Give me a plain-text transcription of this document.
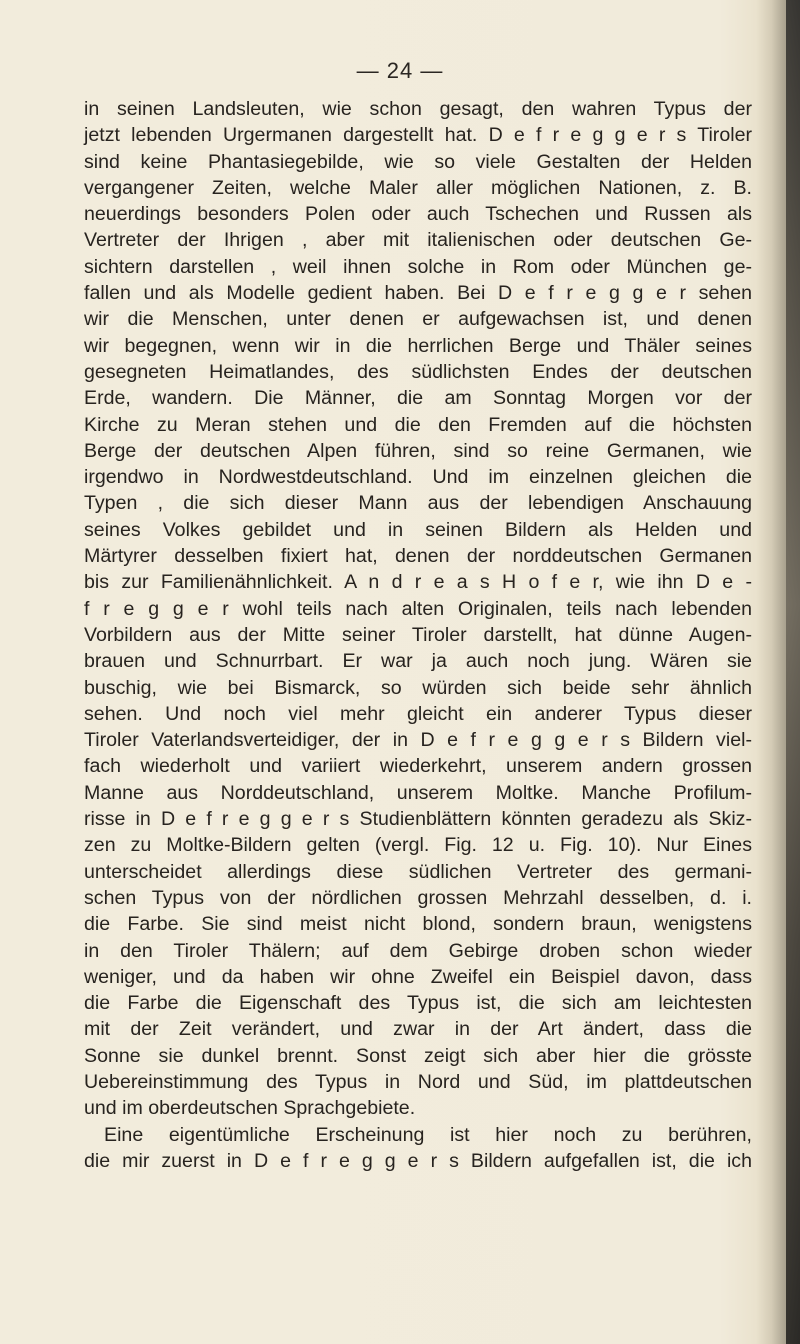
— 24 —
in seinen Landsleuten, wie schon gesagt, den wahren Typus der
jetzt lebenden Urgermanen dargestellt hat. D e f r e g g e r s Tiroler
sind keine Phantasiegebilde, wie so viele Gestalten der Helden
vergangener Zeiten, welche Maler aller möglichen Nationen, z. B.
neuerdings besonders Polen oder auch Tschechen und Russen als
Vertreter der Ihrigen , aber mit italienischen oder deutschen Ge-
sichtern darstellen , weil ihnen solche in Rom oder München ge-
fallen und als Modelle gedient haben. Bei D e f r e g g e r sehen
wir die Menschen, unter denen er aufgewachsen ist, und denen
wir begegnen, wenn wir in die herrlichen Berge und Thäler seines
gesegneten Heimatlandes, des südlichsten Endes der deutschen
Erde, wandern. Die Männer, die am Sonntag Morgen vor der
Kirche zu Meran stehen und die den Fremden auf die höchsten
Berge der deutschen Alpen führen, sind so reine Germanen, wie
irgendwo in Nordwestdeutschland. Und im einzelnen gleichen die
Typen , die sich dieser Mann aus der lebendigen Anschauung
seines Volkes gebildet und in seinen Bildern als Helden und
Märtyrer desselben fixiert hat, denen der norddeutschen Germanen
bis zur Familienähnlichkeit. A n d r e a s H o f e r, wie ihn D e -
f r e g g e r wohl teils nach alten Originalen, teils nach lebenden
Vorbildern aus der Mitte seiner Tiroler darstellt, hat dünne Augen-
brauen und Schnurrbart. Er war ja auch noch jung. Wären sie
buschig, wie bei Bismarck, so würden sich beide sehr ähnlich
sehen. Und noch viel mehr gleicht ein anderer Typus dieser
Tiroler Vaterlandsverteidiger, der in D e f r e g g e r s Bildern viel-
fach wiederholt und variiert wiederkehrt, unserem andern grossen
Manne aus Norddeutschland, unserem Moltke. Manche Profilum-
risse in D e f r e g g e r s Studienblättern könnten geradezu als Skiz-
zen zu Moltke-Bildern gelten (vergl. Fig. 12 u. Fig. 10). Nur Eines
unterscheidet allerdings diese südlichen Vertreter des germani-
schen Typus von der nördlichen grossen Mehrzahl desselben, d. i.
die Farbe. Sie sind meist nicht blond, sondern braun, wenigstens
in den Tiroler Thälern; auf dem Gebirge droben schon wieder
weniger, und da haben wir ohne Zweifel ein Beispiel davon, dass
die Farbe die Eigenschaft des Typus ist, die sich am leichtesten
mit der Zeit verändert, und zwar in der Art ändert, dass die
Sonne sie dunkel brennt. Sonst zeigt sich aber hier die grösste
Uebereinstimmung des Typus in Nord und Süd, im plattdeutschen
und im oberdeutschen Sprachgebiete.
Eine eigentümliche Erscheinung ist hier noch zu berühren,
die mir zuerst in D e f r e g g e r s Bildern aufgefallen ist, die ich
